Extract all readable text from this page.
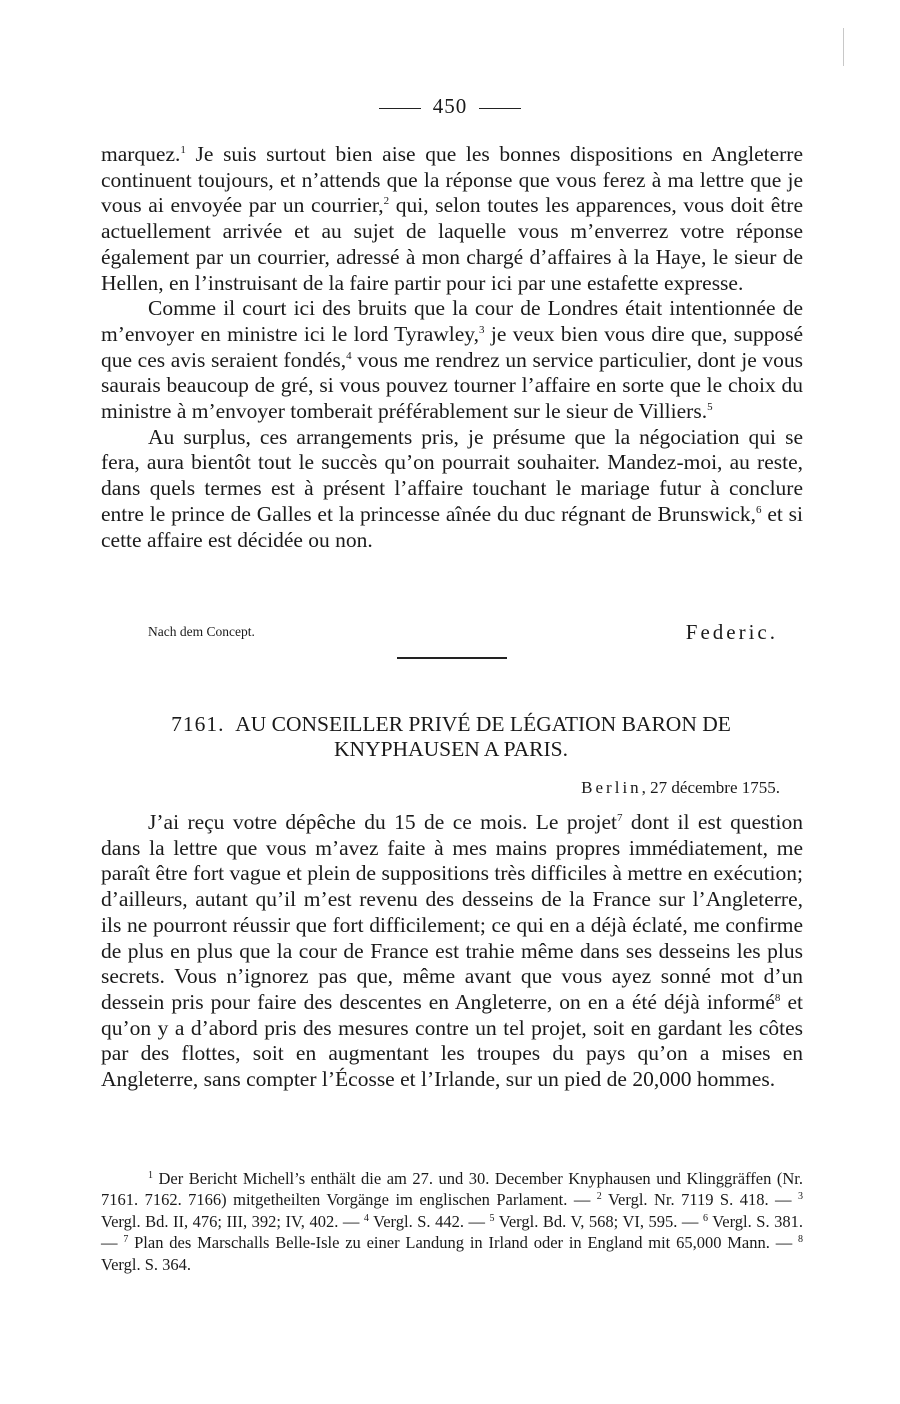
450

marquez.$^1$ Je suis surtout bien aise que les bonnes dispositions en Angleterre continuent toujours, et n’attends que la réponse que vous ferez à ma lettre que je vous ai envoyée par un courrier,$^2$ qui, selon toutes les apparences, vous doit être actuellement arrivée et au sujet de laquelle vous m’enverrez votre réponse également par un courrier, adressé à mon chargé d’affaires à la Haye, le sieur de Hellen, en l’instruisant de la faire partir pour ici par une estafette expresse.

Comme il court ici des bruits que la cour de Londres était intentionnée de m’envoyer en ministre ici le lord Tyrawley,$^3$ je veux bien vous dire que, supposé que ces avis seraient fondés,$^4$ vous me rendrez un service particulier, dont je vous saurais beaucoup de gré, si vous pouvez tourner l’affaire en sorte que le choix du ministre à m’envoyer tomberait préférablement sur le sieur de Villiers.$^5$

Au surplus, ces arrangements pris, je présume que la négociation qui se fera, aura bientôt tout le succès qu’on pourrait souhaiter. Mandez-moi, au reste, dans quels termes est à présent l’affaire touchant le mariage futur à conclure entre le prince de Galles et la princesse aînée du duc régnant de Brunswick,$^6$ et si cette affaire est décidée ou non.

Nach dem Concept.	Federic.
7161. AU CONSEILLER PRIVÉ DE LÉGATION BARON DE KNYPHAUSEN A PARIS.
Berlin, 27 décembre 1755.

J’ai reçu votre dépêche du 15 de ce mois. Le projet$^7$ dont il est question dans la lettre que vous m’avez faite à mes mains propres immédiatement, me paraît être fort vague et plein de suppositions très difficiles à mettre en exécution; d’ailleurs, autant qu’il m’est revenu des desseins de la France sur l’Angleterre, ils ne pourront réussir que fort difficilement; ce qui en a déjà éclaté, me confirme de plus en plus que la cour de France est trahie même dans ses desseins les plus secrets. Vous n’ignorez pas que, même avant que vous ayez sonné mot d’un dessein pris pour faire des descentes en Angleterre, on en a été déjà informé$^8$ et qu’on y a d’abord pris des mesures contre un tel projet, soit en gardant les côtes par des flottes, soit en augmentant les troupes du pays qu’on a mises en Angleterre, sans compter l’Écosse et l’Irlande, sur un pied de 20,000 hommes.

$^1$ Der Bericht Michell’s enthält die am 27. und 30. December Knyphausen und Klinggräffen (Nr. 7161. 7162. 7166) mitgetheilten Vorgänge im englischen Parlament. — $^2$ Vergl. Nr. 7119 S. 418. — $^3$ Vergl. Bd. II, 476; III, 392; IV, 402. — $^4$ Vergl. S. 442. — $^5$ Vergl. Bd. V, 568; VI, 595. — $^6$ Vergl. S. 381. — $^7$ Plan des Marschalls Belle-Isle zu einer Landung in Irland oder in England mit 65,000 Mann. — $^8$ Vergl. S. 364.
